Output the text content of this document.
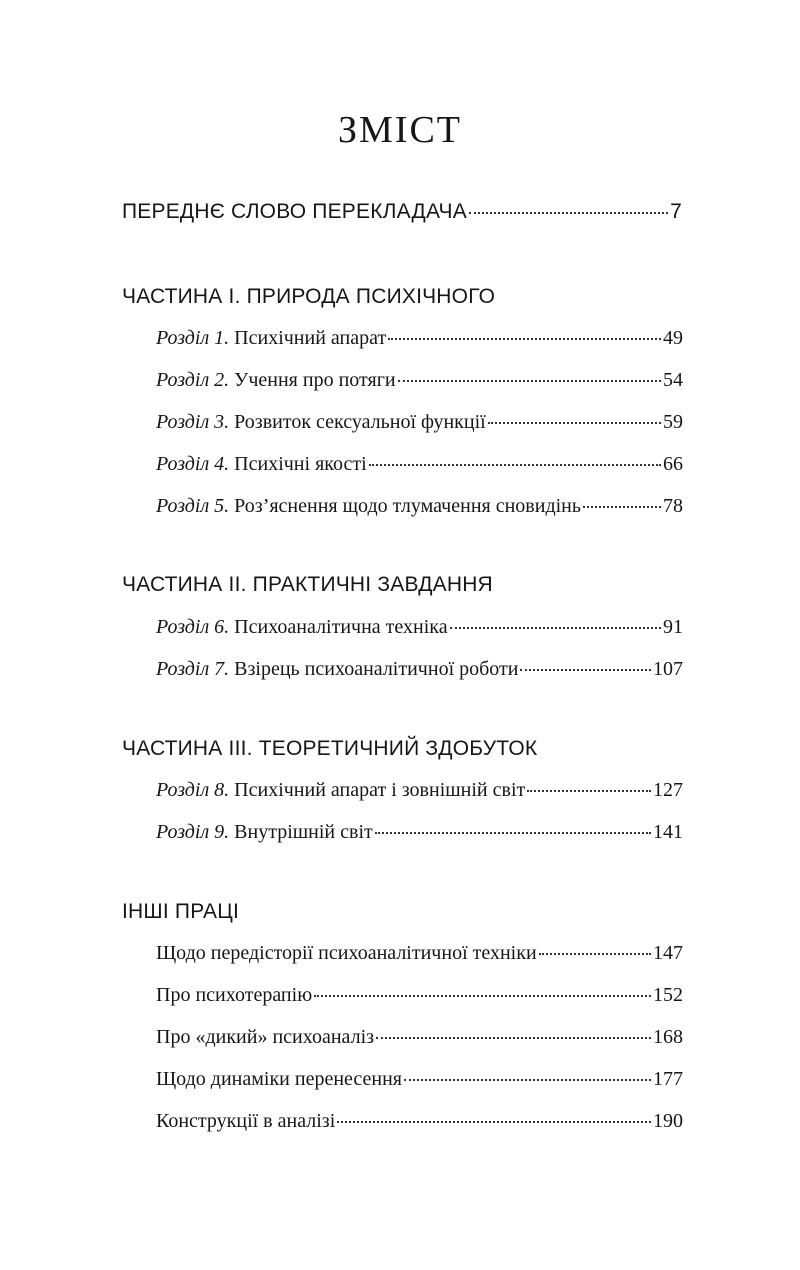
ЗМІСТ
ПЕРЕДНЄ СЛОВО ПЕРЕКЛАДАЧА	7
ЧАСТИНА І. ПРИРОДА ПСИХІЧНОГО
Розділ 1. Психічний апарат	49
Розділ 2. Учення про потяги	54
Розділ 3. Розвиток сексуальної функції	59
Розділ 4. Психічні якості	66
Розділ 5. Роз’яснення щодо тлумачення сновидінь	78
ЧАСТИНА ІІ. ПРАКТИЧНІ ЗАВДАННЯ
Розділ 6. Психоаналітична техніка	91
Розділ 7. Взірець психоаналітичної роботи	107
ЧАСТИНА ІІІ. ТЕОРЕТИЧНИЙ ЗДОБУТОК
Розділ 8. Психічний апарат і зовнішній світ	127
Розділ 9. Внутрішній світ	141
ІНШІ ПРАЦІ
Щодо передісторії психоаналітичної техніки	147
Про психотерапію	152
Про «дикий» психоаналіз	168
Щодо динаміки перенесення	177
Конструкції в аналізі	190
